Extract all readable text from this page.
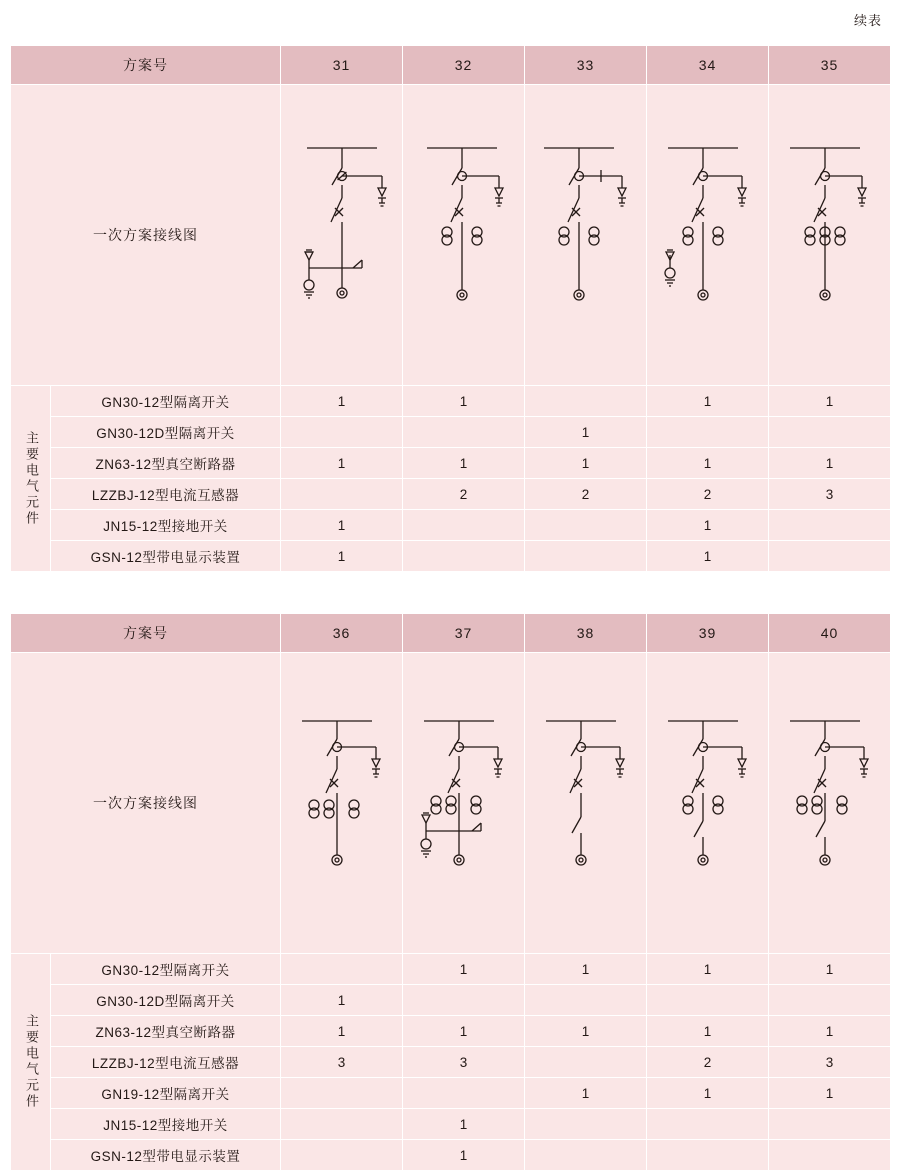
续表
方案号		31	32	33	34	35
一次方案接线图	

主要电气元件	GN30-12型隔离开关	1	1		1	1
	GN30-12D型隔离开关			1		
	ZN63-12型真空断路器	1	1	1	1	1
	LZZBJ-12型电流互感器		2	2	2	3
	JN15-12型接地开关	1			1	
	GSN-12型带电显示装置	1			1	
方案号		36	37	38	39	40
一次方案接线图	

主要电气元件	GN30-12型隔离开关		1	1	1	1
	GN30-12D型隔离开关	1				
	ZN63-12型真空断路器	1	1	1	1	1
	LZZBJ-12型电流互感器	3	3		2	3
	GN19-12型隔离开关			1	1	1
	JN15-12型接地开关		1			
	GSN-12型带电显示装置		1			
